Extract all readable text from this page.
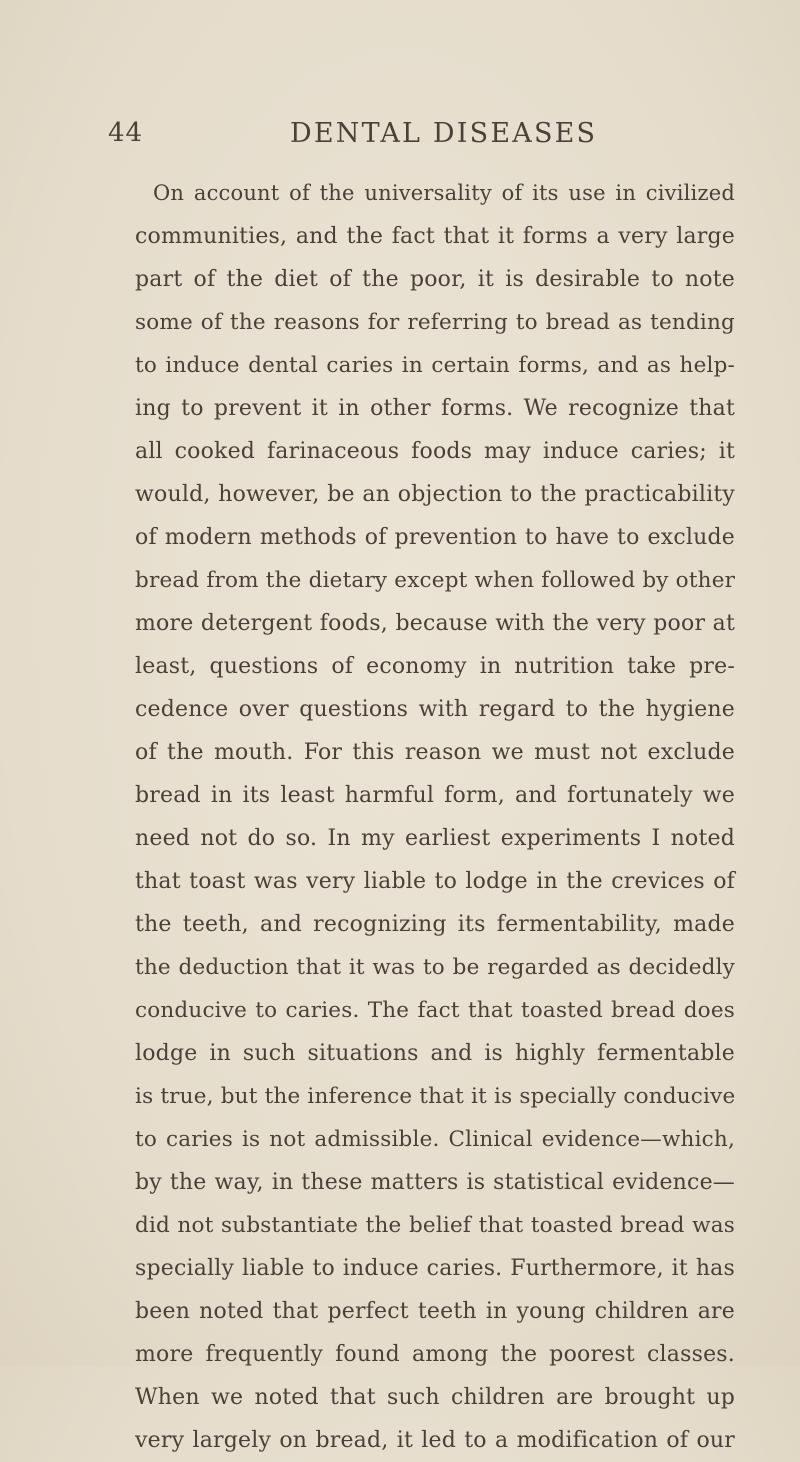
44	DENTAL DISEASES
On account of the universality of its use in civilized
communities, and the fact that it forms a very large
part of the diet of the poor, it is desirable to note
some of the reasons for referring to bread as tending
to induce dental caries in certain forms, and as help-
ing to prevent it in other forms. We recognize that
all cooked farinaceous foods may induce caries; it
would, however, be an objection to the practicability
of modern methods of prevention to have to exclude
bread from the dietary except when followed by other
more detergent foods, because with the very poor at
least, questions of economy in nutrition take pre-
cedence over questions with regard to the hygiene
of the mouth. For this reason we must not exclude
bread in its least harmful form, and fortunately we
need not do so. In my earliest experiments I noted
that toast was very liable to lodge in the crevices of
the teeth, and recognizing its fermentability, made
the deduction that it was to be regarded as decidedly
conducive to caries. The fact that toasted bread does
lodge in such situations and is highly fermentable
is true, but the inference that it is specially conducive
to caries is not admissible. Clinical evidence—which,
by the way, in these matters is statistical evidence—
did not substantiate the belief that toasted bread was
specially liable to induce caries. Furthermore, it has
been noted that perfect teeth in young children are
more frequently found among the poorest classes.
When we noted that such children are brought up
very largely on bread, it led to a modification of our
